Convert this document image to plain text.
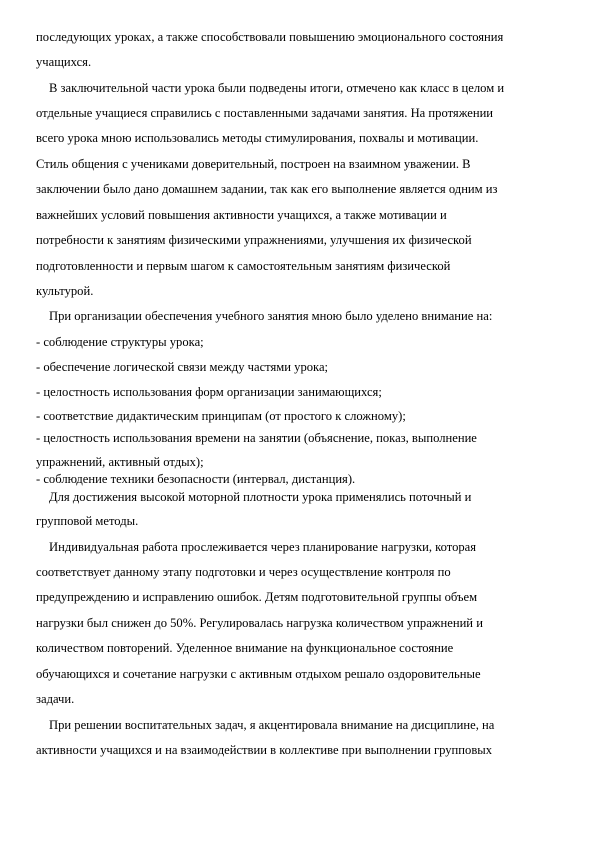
последующих уроках, а также способствовали повышению эмоционального состояния
учащихся.
В заключительной части урока были подведены итоги, отмечено как класс в целом и
отдельные учащиеся справились с поставленными задачами занятия. На протяжении
всего урока мною использовались методы стимулирования, похвалы и мотивации.
Стиль общения с учениками доверительный, построен на взаимном уважении. В
заключении было дано домашнем задании, так как его выполнение является одним из
важнейших условий повышения активности учащихся, а также мотивации и
потребности к занятиям физическими упражнениями, улучшения их физической
подготовленности и первым шагом к самостоятельным занятиям физической
культурой.
При организации обеспечения учебного занятия мною было уделено внимание на:
- соблюдение структуры урока;
- обеспечение логической связи между частями урока;
- целостность использования форм организации занимающихся;
- соответствие дидактическим принципам (от простого к сложному);
- целостность использования времени на занятии (объяснение, показ, выполнение
упражнений, активный отдых);
- соблюдение техники безопасности (интервал, дистанция).
Для достижения высокой моторной плотности урока применялись поточный и
групповой методы.
Индивидуальная работа прослеживается через планирование нагрузки, которая
соответствует данному этапу подготовки и через осуществление контроля по
предупреждению и исправлению ошибок. Детям подготовительной группы объем
нагрузки был снижен до 50%. Регулировалась нагрузка количеством упражнений и
количеством повторений. Уделенное внимание на функциональное состояние
обучающихся и сочетание нагрузки с активным отдыхом решало оздоровительные
задачи.
При решении воспитательных задач, я акцентировала внимание на дисциплине, на
активности учащихся и на взаимодействии в коллективе при выполнении групповых
